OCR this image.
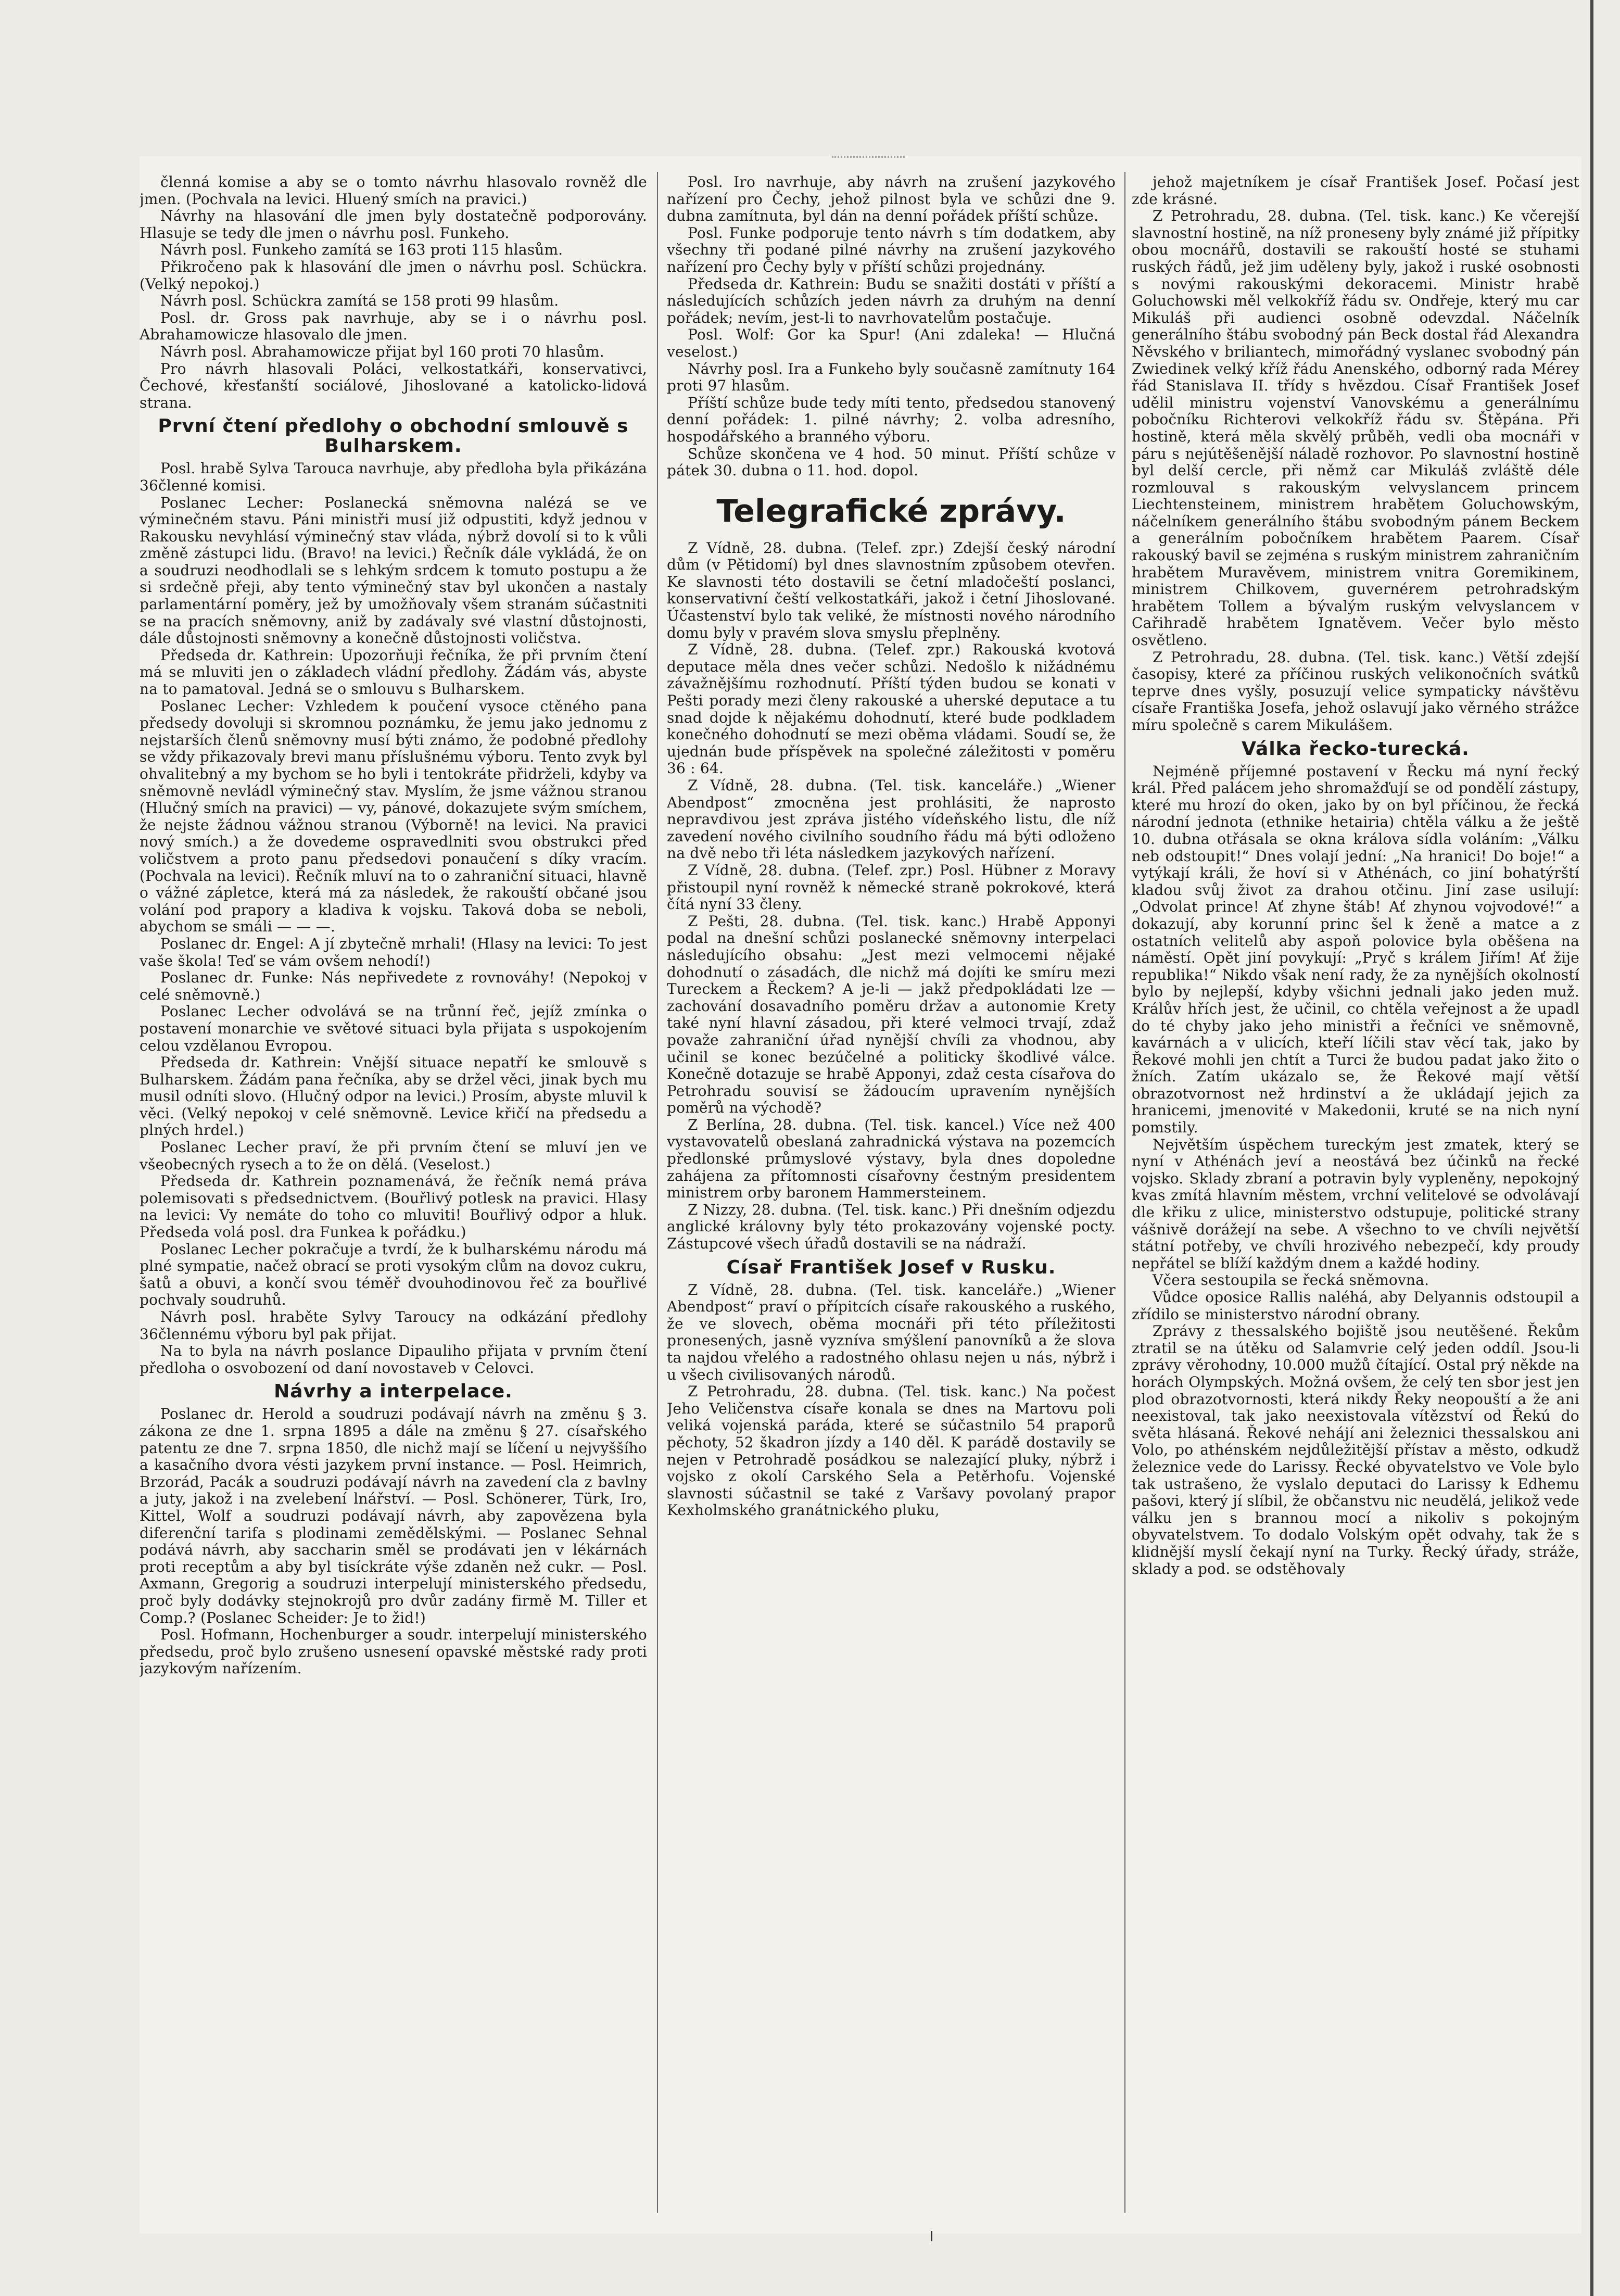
členná komise a aby se o tomto návrhu hlasovalo rovněž dle jmen. (Pochvala na levici. Hluený smích na pravici.)

Návrhy na hlasování dle jmen byly dostatečně podporovány. Hlasuje se tedy dle jmen o návrhu posl. Funkeho.

Návrh posl. Funkeho zamítá se 163 proti 115 hlasům.

Přikročeno pak k hlasování dle jmen o návrhu posl. Schückra. (Velký nepokoj.)

Návrh posl. Schückra zamítá se 158 proti 99 hlasům.

Posl. dr. Gross pak navrhuje, aby se i o návrhu posl. Abrahamowicze hlasovalo dle jmen.

Návrh posl. Abrahamowicze přijat byl 160 proti 70 hlasům.

Pro návrh hlasovali Poláci, velkostatkáři, konservativci, Čechové, křesťanští sociálové, Jihoslované a katolicko-lidová strana.

První čtení předlohy o obchodní smlouvě s Bulharskem.

Posl. hrabě Sylva Tarouca navrhuje, aby předloha byla přikázána 36členné komisi.

Poslanec Lecher: Poslanecká sněmovna nalézá se ve výminečném stavu. Páni ministři musí již odpustiti, když jednou v Rakousku nevyhlásí výminečný stav vláda, nýbrž dovolí si to k vůli změně zástupci lidu. (Bravo! na levici.) Řečník dále vykládá, že on a soudruzi neodhodlali se s lehkým srdcem k tomuto postupu a že si srdečně přeji, aby tento výminečný stav byl ukončen a nastaly parlamentární poměry, jež by umožňovaly všem stranám súčastniti se na pracích sněmovny, aniž by zadávaly své vlastní důstojnosti, dále důstojnosti sněmovny a konečně důstojnosti voličstva.

Předseda dr. Kathrein: Upozorňuji řečníka, že při prvním čtení má se mluviti jen o základech vládní předlohy. Žádám vás, abyste na to pamatoval. Jedná se o smlouvu s Bulharskem.

Poslanec Lecher: Vzhledem k poučení vysoce ctěného pana předsedy dovoluji si skromnou poznámku, že jemu jako jednomu z nejstarších členů sněmovny musí býti známo, že podobné předlohy se vždy přikazovaly brevi manu příslušnému výboru. Tento zvyk byl ohvalitebný a my bychom se ho byli i tentokráte přidrželi, kdyby va sněmovně nevládl výminečný stav. Myslím, že jsme vážnou stranou (Hlučný smích na pravici) — vy, pánové, dokazujete svým smíchem, že nejste žádnou vážnou stranou (Výborně! na levici. Na pravici nový smích.) a že dovedeme ospravedlniti svou obstrukci před voličstvem a proto panu předsedovi ponaučení s díky vracím. (Pochvala na levici). Řečník mluví na to o zahraniční situaci, hlavně o vážné zápletce, která má za následek, že rakouští občané jsou volání pod prapory a kladiva k vojsku. Taková doba se neboli, abychom se smáli — — —.

Poslanec dr. Engel: A jí zbytečně mrhali! (Hlasy na levici: To jest vaše škola! Teď se vám ovšem nehodí!)

Poslanec dr. Funke: Nás nepřivedete z rovnováhy! (Nepokoj v celé sněmovně.)

Poslanec Lecher odvolává se na trůnní řeč, jejíž zmínka o postavení monarchie ve světové situaci byla přijata s uspokojením celou vzdělanou Evropou.

Předseda dr. Kathrein: Vnější situace nepatří ke smlouvě s Bulharskem. Žádám pana řečníka, aby se držel věci, jinak bych mu musil odníti slovo. (Hlučný odpor na levici.) Prosím, abyste mluvil k věci. (Velký nepokoj v celé sněmovně. Levice křičí na předsedu a plných hrdel.)

Poslanec Lecher praví, že při prvním čtení se mluví jen ve všeobecných rysech a to že on dělá. (Veselost.)

Předseda dr. Kathrein poznamenává, že řečník nemá práva polemisovati s předsednictvem. (Bouřlivý potlesk na pravici. Hlasy na levici: Vy nemáte do toho co mluviti! Bouřlivý odpor a hluk. Předseda volá posl. dra Funkea k pořádku.)

Poslanec Lecher pokračuje a tvrdí, že k bulharskému národu má plné sympatie, načež obrací se proti vysokým clům na dovoz cukru, šatů a obuvi, a končí svou téměř dvouhodinovou řeč za bouřlivé pochvaly soudruhů.

Návrh posl. hraběte Sylvy Taroucy na odkázání předlohy 36člennému výboru byl pak přijat.

Na to byla na návrh poslance Dipauliho přijata v prvním čtení předloha o osvobození od daní novostaveb v Celovci.

Návrhy a interpelace.

Poslanec dr. Herold a soudruzi podávají návrh na změnu § 3. zákona ze dne 1. srpna 1895 a dále na změnu § 27. císařského patentu ze dne 7. srpna 1850, dle nichž mají se líčení u nejvyššího a kasačního dvora vésti jazykem první instance. — Posl. Heimrich, Brzorád, Pacák a soudruzi podávají návrh na zavedení cla z bavlny a juty, jakož i na zvelebení lnářství. — Posl. Schönerer, Türk, Iro, Kittel, Wolf a soudruzi podávají návrh, aby zapovězena byla diferenční tarifa s plodinami zemědělskými. — Poslanec Sehnal podává návrh, aby saccharin směl se prodávati jen v lékárnách proti receptům a aby byl tisíckráte výše zdaněn než cukr. — Posl. Axmann, Gregorig a soudruzi interpelují ministerského předsedu, proč byly dodávky stejnokrojů pro dvůr zadány firmě M. Tiller et Comp.? (Poslanec Scheider: Je to žid!)

Posl. Hofmann, Hochenburger a soudr. interpelují ministerského předsedu, proč bylo zrušeno usnesení opavské městské rady proti jazykovým nařízením.

Posl. Iro navrhuje, aby návrh na zrušení jazykového nařízení pro Čechy, jehož pilnost byla ve schůzi dne 9. dubna zamítnuta, byl dán na denní pořádek příští schůze.

Posl. Funke podporuje tento návrh s tím dodatkem, aby všechny tři podané pilné návrhy na zrušení jazykového nařízení pro Čechy byly v příští schůzi projednány.

Předseda dr. Kathrein: Budu se snažiti dostáti v příští a následujících schůzích jeden návrh za druhým na denní pořádek; nevím, jest-li to navrhovatelům postačuje.

Posl. Wolf: Gor ka Spur! (Ani zdaleka! — Hlučná veselost.)

Návrhy posl. Ira a Funkeho byly současně zamítnuty 164 proti 97 hlasům.

Příští schůze bude tedy míti tento, předsedou stanovený denní pořádek: 1. pilné návrhy; 2. volba adresního, hospodářského a branného výboru.

Schůze skončena ve 4 hod. 50 minut. Příští schůze v pátek 30. dubna o 11. hod. dopol.

Telegrafické zprávy.

Z Vídně, 28. dubna. (Telef. zpr.) Zdejší český národní dům (v Pětidomí) byl dnes slavnostním způsobem otevřen. Ke slavnosti této dostavili se četní mladočeští poslanci, konservativní čeští velkostatkáři, jakož i četní Jihoslované. Účastenství bylo tak veliké, že místnosti nového národního domu byly v pravém slova smyslu přeplněny.

Z Vídně, 28. dubna. (Telef. zpr.) Rakouská kvotová deputace měla dnes večer schůzi. Nedošlo k nižádnému závažnějšímu rozhodnutí. Příští týden budou se konati v Pešti porady mezi členy rakouské a uherské deputace a tu snad dojde k nějakému dohodnutí, které bude podkladem konečného dohodnutí se mezi oběma vládami. Soudí se, že ujednán bude příspěvek na společné záležitosti v poměru 36 : 64.

Z Vídně, 28. dubna. (Tel. tisk. kanceláře.) „Wiener Abendpost“ zmocněna jest prohlásiti, že naprosto nepravdivou jest zpráva jistého vídeňského listu, dle níž zavedení nového civilního soudního řádu má býti odloženo na dvě nebo tři léta následkem jazykových nařízení.

Z Vídně, 28. dubna. (Telef. zpr.) Posl. Hübner z Moravy přistoupil nyní rovněž k německé straně pokrokové, která čítá nyní 33 členy.

Z Pešti, 28. dubna. (Tel. tisk. kanc.) Hrabě Apponyi podal na dnešní schůzi poslanecké sněmovny interpelaci následujícího obsahu: „Jest mezi velmocemi nějaké dohodnutí o zásadách, dle nichž má dojíti ke smíru mezi Tureckem a Řeckem? A je-li — jakž předpokládati lze — zachování dosavadního poměru držav a autonomie Krety také nyní hlavní zásadou, při které velmoci trvají, zdaž považe zahraniční úřad nynější chvíli za vhodnou, aby učinil se konec bezúčelné a politicky škodlivé válce. Konečně dotazuje se hrabě Apponyi, zdaž cesta císařova do Petrohradu souvisí se žádoucím upravením nynějších poměrů na východě?

Z Berlína, 28. dubna. (Tel. tisk. kancel.) Více než 400 vystavovatelů obeslaná zahradnická výstava na pozemcích předlonské průmyslové výstavy, byla dnes dopoledne zahájena za přítomnosti císařovny čestným presidentem ministrem orby baronem Hammersteinem.

Z Nizzy, 28. dubna. (Tel. tisk. kanc.) Při dnešním odjezdu anglické královny byly této prokazovány vojenské pocty. Zástupcové všech úřadů dostavili se na nádraží.

Císař František Josef v Rusku.

Z Vídně, 28. dubna. (Tel. tisk. kanceláře.) „Wiener Abendpost“ praví o přípitcích císaře rakouského a ruského, že ve slovech, oběma mocnáři při této příležitosti pronesených, jasně vyzníva smýšlení panovníků a že slova ta najdou vřelého a radostného ohlasu nejen u nás, nýbrž i u všech civilisovaných národů.

Z Petrohradu, 28. dubna. (Tel. tisk. kanc.) Na počest Jeho Veličenstva císaře konala se dnes na Martovu poli veliká vojenská paráda, které se súčastnilo 54 praporů pěchoty, 52 škadron jízdy a 140 děl. K parádě dostavily se nejen v Petrohradě posádkou se nalezající pluky, nýbrž i vojsko z okolí Carského Sela a Petěrhofu. Vojenské slavnosti súčastnil se také z Varšavy povolaný prapor Kexholmského granátnického pluku,

jehož majetníkem je císař František Josef. Počasí jest zde krásné.

Z Petrohradu, 28. dubna. (Tel. tisk. kanc.) Ke včerejší slavnostní hostině, na níž proneseny byly známé již přípitky obou mocnářů, dostavili se rakouští hosté se stuhami ruských řádů, jež jim uděleny byly, jakož i ruské osobnosti s novými rakouskými dekoracemi. Ministr hrabě Goluchowski měl velkokříž řádu sv. Ondřeje, který mu car Mikuláš při audienci osobně odevzdal. Náčelník generálního štábu svobodný pán Beck dostal řád Alexandra Něvského v briliantech, mimořádný vyslanec svobodný pán Zwiedinek velký kříž řádu Anenského, odborný rada Mérey řád Stanislava II. třídy s hvězdou. Císař František Josef udělil ministru vojenství Vanovskému a generálnímu pobočníku Richterovi velkokříž řádu sv. Štěpána. Při hostině, která měla skvělý průběh, vedli oba mocnáři v páru s nejútěšenější náladě rozhovor. Po slavnostní hostině byl delší cercle, při němž car Mikuláš zvláště déle rozmlouval s rakouským velvyslancem princem Liechtensteinem, ministrem hrabětem Goluchowským, náčelníkem generálního štábu svobodným pánem Beckem a generálním pobočníkem hrabětem Paarem. Císař rakouský bavil se zejména s ruským ministrem zahraničním hrabětem Muravěvem, ministrem vnitra Goremikinem, ministrem Chilkovem, guvernérem petrohradským hrabětem Tollem a bývalým ruským velvyslancem v Cařihradě hrabětem Ignatěvem. Večer bylo město osvětleno.

Z Petrohradu, 28. dubna. (Tel. tisk. kanc.) Větší zdejší časopisy, které za příčinou ruských velikonočních svátků teprve dnes vyšly, posuzují velice sympaticky návštěvu císaře Františka Josefa, jehož oslavují jako věrného strážce míru společně s carem Mikulášem.

Válka řecko-turecká.

Nejméně příjemné postavení v Řecku má nyní řecký král. Před palácem jeho shromažďují se od pondělí zástupy, které mu hrozí do oken, jako by on byl příčinou, že řecká národní jednota (ethnike hetairia) chtěla válku a že ještě 10. dubna otřásala se okna králova sídla voláním: „Válku neb odstoupit!“ Dnes volají jední: „Na hranici! Do boje!“ a vytýkají králi, že hoví si v Athénách, co jiní bohatýrští kladou svůj život za drahou otčinu. Jiní zase usilují: „Odvolat prince! Ať zhyne štáb! Ať zhynou vojvodové!“ a dokazují, aby korunní princ šel k ženě a matce a z ostatních velitelů aby aspoň polovice byla oběšena na náměstí. Opět jiní povykují: „Pryč s králem Jiřím! Ať žije republika!“ Nikdo však není rady, že za nynějších okolností bylo by nejlepší, kdyby všichni jednali jako jeden muž. Králův hřích jest, že učinil, co chtěla veřejnost a že upadl do té chyby jako jeho ministři a řečníci ve sněmovně, kavárnách a v ulicích, kteří líčili stav věcí tak, jako by Řekové mohli jen chtít a Turci že budou padat jako žito o žních. Zatím ukázalo se, že Řekové mají větší obrazotvornost než hrdinství a že ukládají jejich za hranicemi, jmenovité v Makedonii, kruté se na nich nyní pomstily.

Největším úspěchem tureckým jest zmatek, který se nyní v Athénách jeví a neostává bez účinků na řecké vojsko. Sklady zbraní a potravin byly vypleněny, nepokojný kvas zmítá hlavním městem, vrchní velitelové se odvolávají dle křiku z ulice, ministerstvo odstupuje, politické strany vášnivě dorážejí na sebe. A všechno to ve chvíli největší státní potřeby, ve chvíli hrozivého nebezpečí, kdy proudy nepřátel se blíží každým dnem a každé hodiny.

Včera sestoupila se řecká sněmovna.

Vůdce oposice Rallis naléhá, aby Delyannis odstoupil a zřídilo se ministerstvo národní obrany.

Zprávy z thessalského bojiště jsou neutěšené. Řekům ztratil se na útěku od Salamvrie celý jeden oddíl. Jsou-li zprávy věrohodny, 10.000 mužů čítající. Ostal prý někde na horách Olympských. Možná ovšem, že celý ten sbor jest jen plod obrazotvornosti, která nikdy Řeky neopouští a že ani neexistoval, tak jako neexistovala vítězství od Řekú do světa hlásaná. Řekové nehájí ani železnici thessalskou ani Volo, po athénském nejdůležitější přístav a město, odkudž železnice vede do Larissy. Řecké obyvatelstvo ve Vole bylo tak ustrašeno, že vyslalo deputaci do Larissy k Edhemu pašovi, který jí slíbil, že občanstvu nic neudělá, jelikož vede válku jen s brannou mocí a nikoliv s pokojným obyvatelstvem. To dodalo Volským opět odvahy, tak že s klidnější myslí čekají nyní na Turky. Řecký úřady, stráže, sklady a pod. se odstěhovaly
